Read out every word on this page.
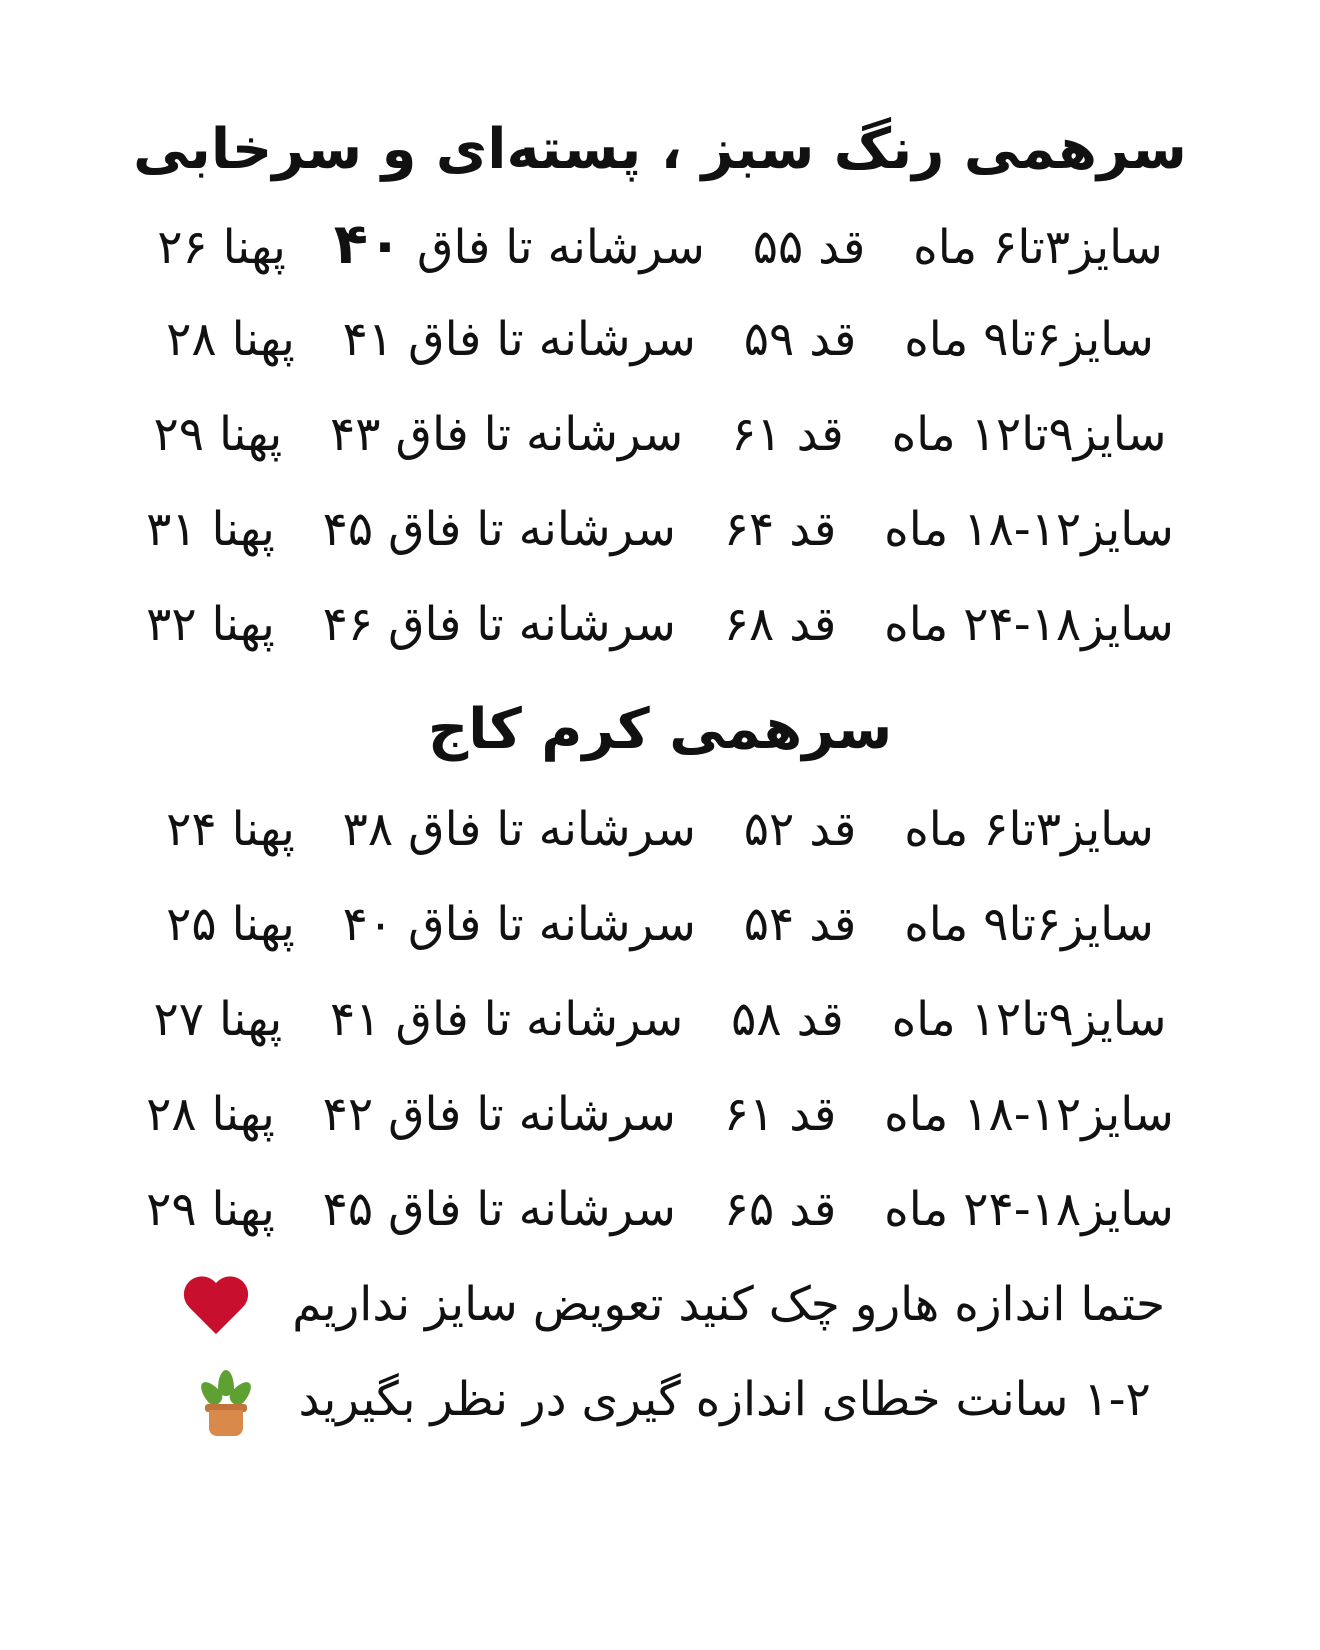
سرهمی رنگ سبز ، پسته‌ای و سرخابی
سایز۳تا۶ ماه قد ۵۵ سرشانه تا فاق ۴۰ پهنا ۲۶
سایز۶تا۹ ماه قد ۵۹ سرشانه تا فاق ۴۱ پهنا ۲۸
سایز۹تا۱۲ ماه قد ۶۱ سرشانه تا فاق ۴۳ پهنا ۲۹
سایز۱۲-۱۸ ماه قد ۶۴ سرشانه تا فاق ۴۵ پهنا ۳۱
سایز۱۸-۲۴ ماه قد ۶۸ سرشانه تا فاق ۴۶ پهنا ۳۲
سرهمی کرم کاج
سایز۳تا۶ ماه قد ۵۲ سرشانه تا فاق ۳۸ پهنا ۲۴
سایز۶تا۹ ماه قد ۵۴ سرشانه تا فاق ۴۰ پهنا ۲۵
سایز۹تا۱۲ ماه قد ۵۸ سرشانه تا فاق ۴۱ پهنا ۲۷
سایز۱۲-۱۸ ماه قد ۶۱ سرشانه تا فاق ۴۲ پهنا ۲۸
سایز۱۸-۲۴ ماه قد ۶۵ سرشانه تا فاق ۴۵ پهنا ۲۹
حتما اندازه هارو چک کنید تعویض سایز نداریم
۱-۲ سانت خطای اندازه گیری در نظر بگیرید
